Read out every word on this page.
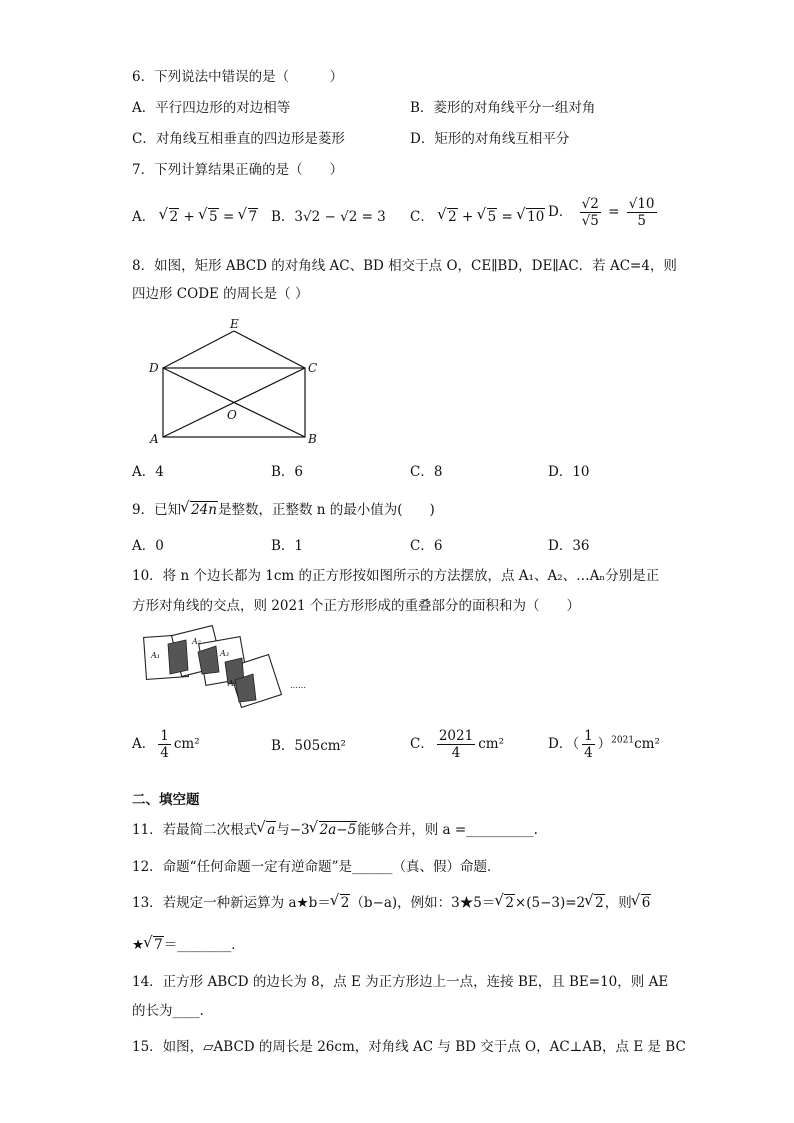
6．下列说法中错误的是（　　　）
A．平行四边形的对边相等	B．菱形的对角线平分一组对角
C．对角线互相垂直的四边形是菱形	D．矩形的对角线互相平分
7．下列计算结果正确的是（　　）
A． √ 2 + √ 5 = √ 7 B．3√2 − √2 = 3 C． √ 2 + √ 5 = √ 10 D． $\frac{√2}{√5} = \frac{√10}{5}$
8．如图，矩形 ABCD 的对角线 AC、BD 相交于点 O，CE∥BD，DE∥AC．若 AC=4，则
四边形 CODE 的周长是（ ）
E
D	C
O
A	B
A．4	B．6	C．8	D．10
9．已知 √ 24n是整数，正整数 n 的最小值为(　　)
A．0	B．1	C．6	D．36
10．将 n 个边长都为 1cm 的正方形按如图所示的方法摆放，点 A₁、A₂、…Aₙ分别是正
方形对角线的交点，则 2021 个正方形形成的重叠部分的面积和为（　　）
A₁
A₂
A₃
A₄	……
A． $\frac{1}{4} cm^2$	B．505cm²	C． $\frac{2021}{4} cm^2$	D．（ $\frac{1}{4} )^{2021}cm^2$
二、填空题
11．若最简二次根式 √ a与−3 √ 2a−5能够合并，则 a =__________.
12．命题“任何命题一定有逆命题”是______（真、假）命题．
13．若规定一种新运算为 a★b＝ √ 2（b−a)，例如：3★5＝ √ 2×(5−3)=2 √ 2，则 √ 6
★ √ 7＝________．
14．正方形 ABCD 的边长为 8，点 E 为正方形边上一点，连接 BE，且 BE=10，则 AE
的长为____.
15．如图，▱ABCD 的周长是 26cm，对角线 AC 与 BD 交于点 O，AC⊥AB，点 E 是 BC
